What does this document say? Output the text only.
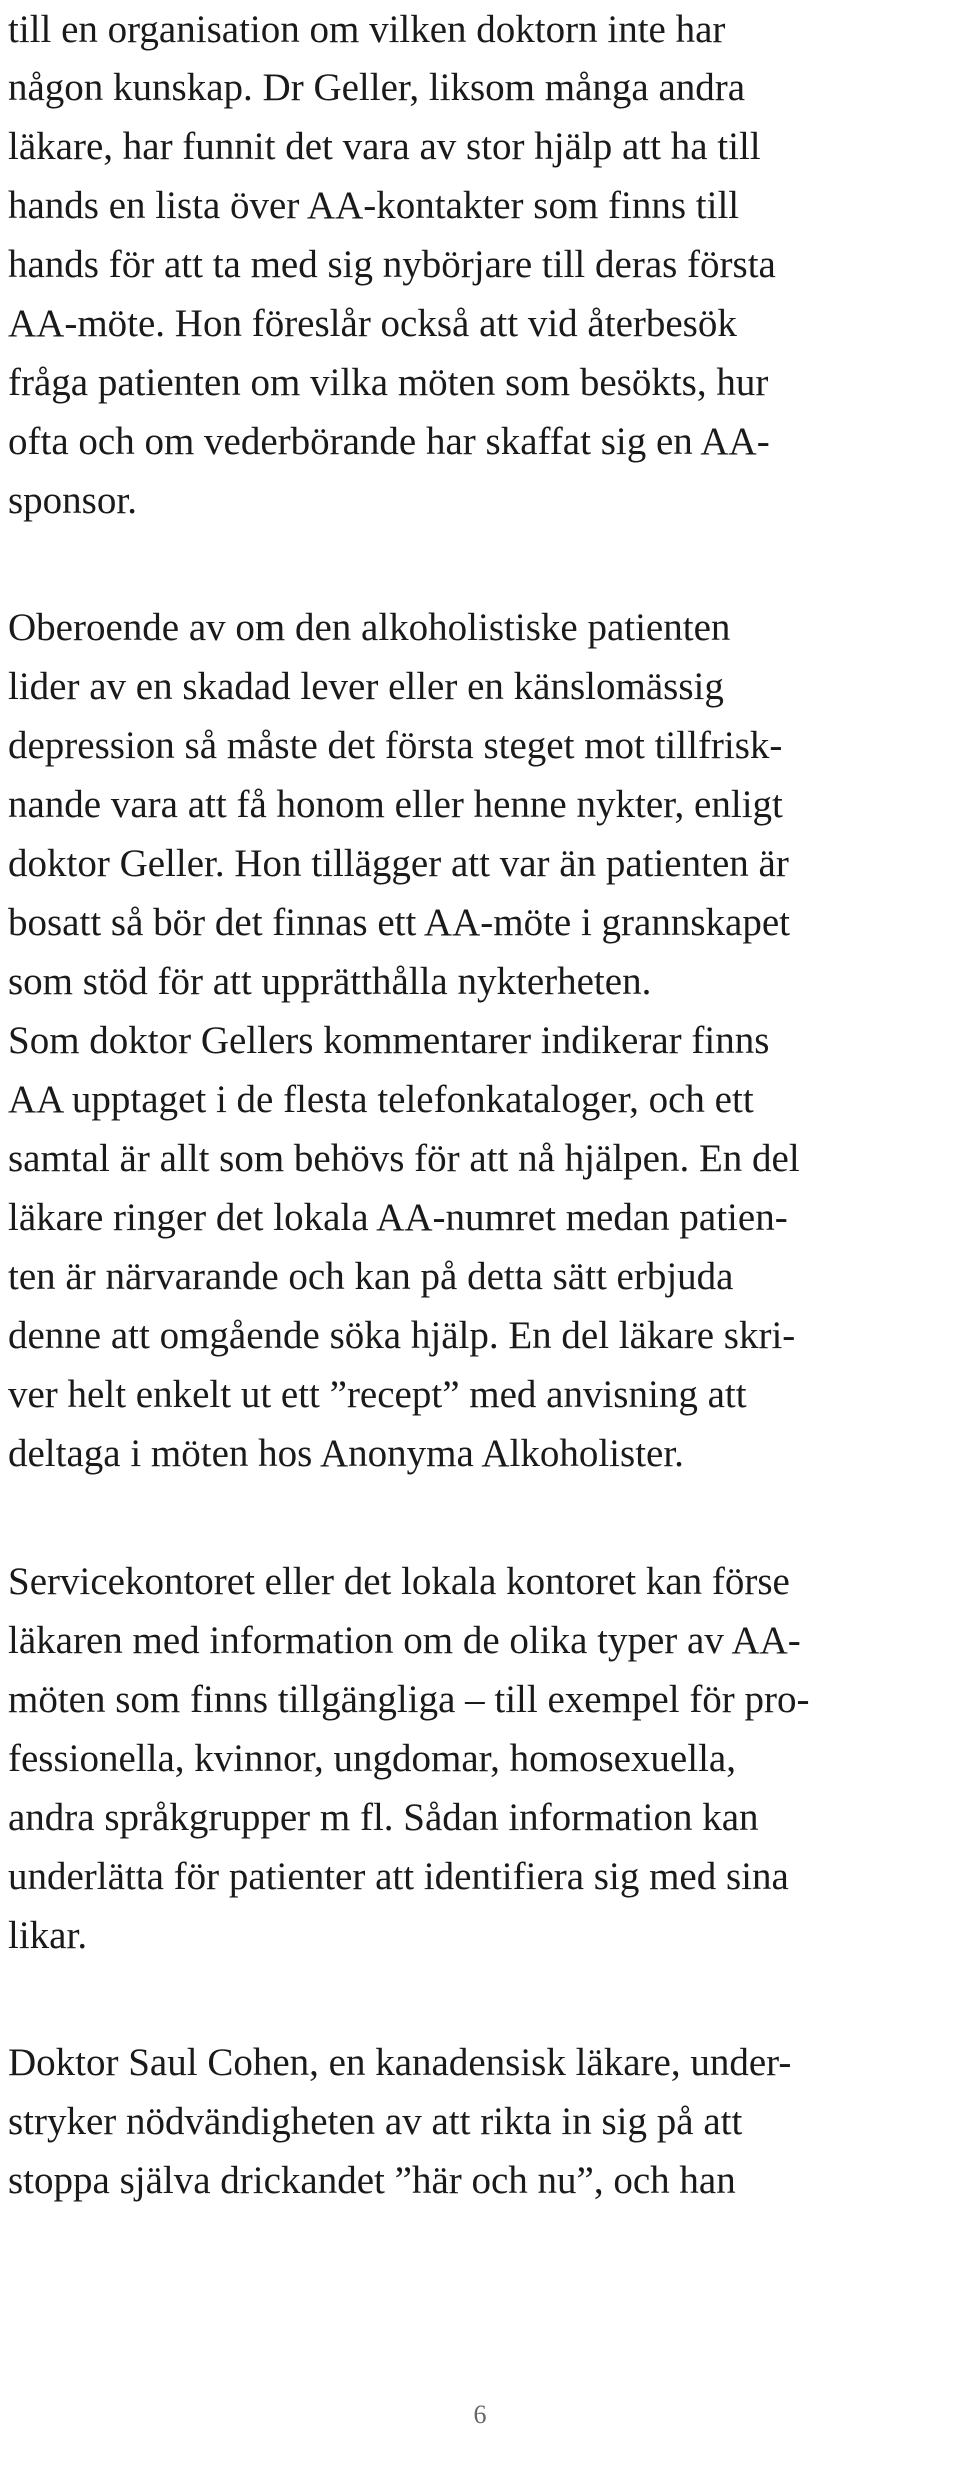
till en organisation om vilken doktorn inte har
någon kunskap. Dr Geller, liksom många andra
läkare, har funnit det vara av stor hjälp att ha till
hands en lista över AA-kontakter som finns till
hands för att ta med sig nybörjare till deras första
AA-möte. Hon föreslår också att vid återbesök
fråga patienten om vilka möten som besökts, hur
ofta och om vederbörande har skaffat sig en AA-
sponsor.
Oberoende av om den alkoholistiske patienten
lider av en skadad lever eller en känslomässig
depression så måste det första steget mot tillfrisk-
nande vara att få honom eller henne nykter, enligt
doktor Geller. Hon tillägger att var än patienten är
bosatt så bör det finnas ett AA-möte i grannskapet
som stöd för att upprätthålla nykterheten.
Som doktor Gellers kommentarer indikerar finns
AA upptaget i de flesta telefonkataloger, och ett
samtal är allt som behövs för att nå hjälpen. En del
läkare ringer det lokala AA-numret medan patien-
ten är närvarande och kan på detta sätt erbjuda
denne att omgående söka hjälp. En del läkare skri-
ver helt enkelt ut ett ”recept” med anvisning att
deltaga i möten hos Anonyma Alkoholister.
Servicekontoret eller det lokala kontoret kan förse
läkaren med information om de olika typer av AA-
möten som finns tillgängliga – till exempel för pro-
fessionella, kvinnor, ungdomar, homosexuella,
andra språkgrupper m fl. Sådan information kan
underlätta för patienter att identifiera sig med sina
likar.
Doktor Saul Cohen, en kanadensisk läkare, under-
stryker nödvändigheten av att rikta in sig på att
stoppa själva drickandet ”här och nu”, och han
6
